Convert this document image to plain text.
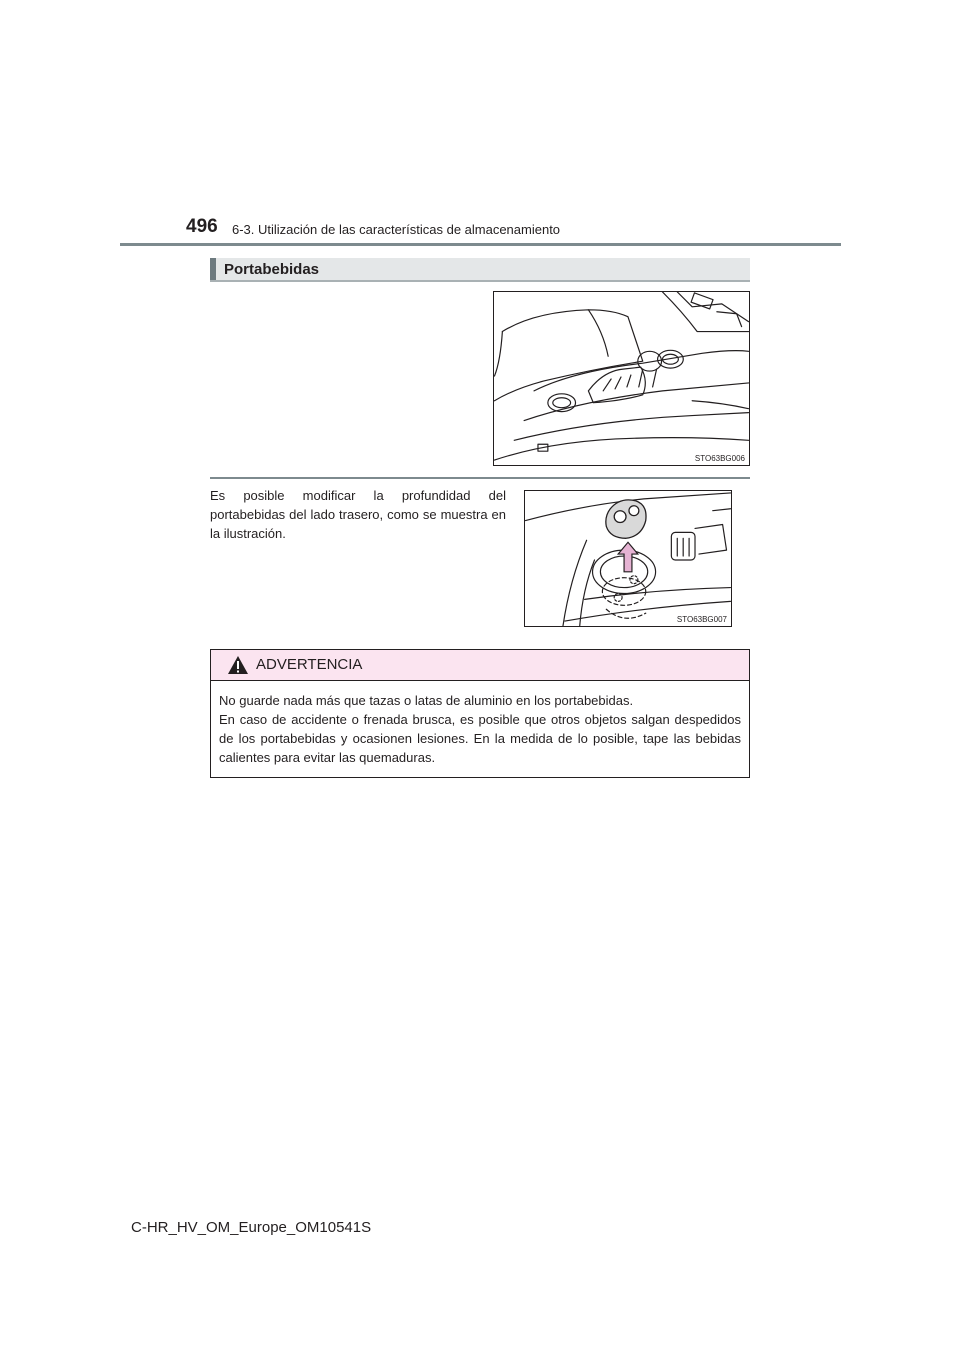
496 6-3. Utilización de las características de almacenamiento
Portabebidas
STO63BG006
Es posible modificar la profundidad del portabebidas del lado trasero, como se muestra en la ilustración.
STO63BG007
ADVERTENCIA

No guarde nada más que tazas o latas de aluminio en los portabebidas.

En caso de accidente o frenada brusca, es posible que otros objetos salgan despedidos de los portabebidas y ocasionen lesiones. En la medida de lo posible, tape las bebidas calientes para evitar las quemaduras.

C-HR_HV_OM_Europe_OM10541S
